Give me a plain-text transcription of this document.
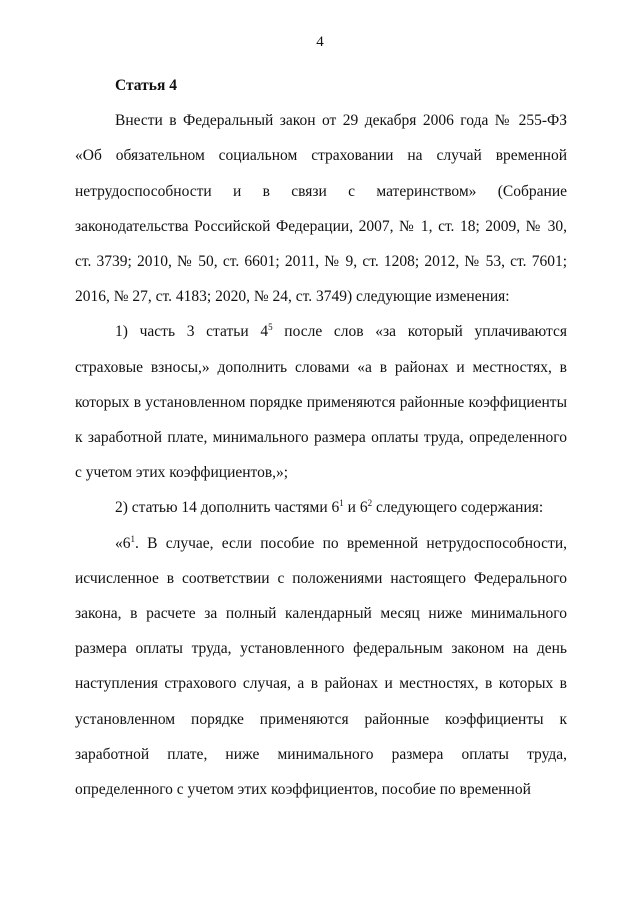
4

Статья 4

Внести в Федеральный закон от 29 декабря 2006 года № 255-ФЗ «Об обязательном социальном страховании на случай временной нетрудоспособности и в связи с материнством» (Собрание законодательства Российской Федерации, 2007, № 1, ст. 18; 2009, № 30, ст. 3739; 2010, № 50, ст. 6601; 2011, № 9, ст. 1208; 2012, № 53, ст. 7601; 2016, № 27, ст. 4183; 2020, № 24, ст. 3749) следующие изменения:

1) часть 3 статьи $4^5$ после слов «за который уплачиваются страховые взносы,» дополнить словами «а в районах и местностях, в которых в установленном порядке применяются районные коэффициенты к заработной плате, минимального размера оплаты труда, определенного с учетом этих коэффициентов,»;

2) статью 14 дополнить частями $6^1$ и $6^2$ следующего содержания:

«$6^1$. В случае, если пособие по временной нетрудоспособности, исчисленное в соответствии с положениями настоящего Федерального закона, в расчете за полный календарный месяц ниже минимального размера оплаты труда, установленного федеральным законом на день наступления страхового случая, а в районах и местностях, в которых в установленном порядке применяются районные коэффициенты к заработной плате, ниже минимального размера оплаты труда, определенного с учетом этих коэффициентов, пособие по временной
